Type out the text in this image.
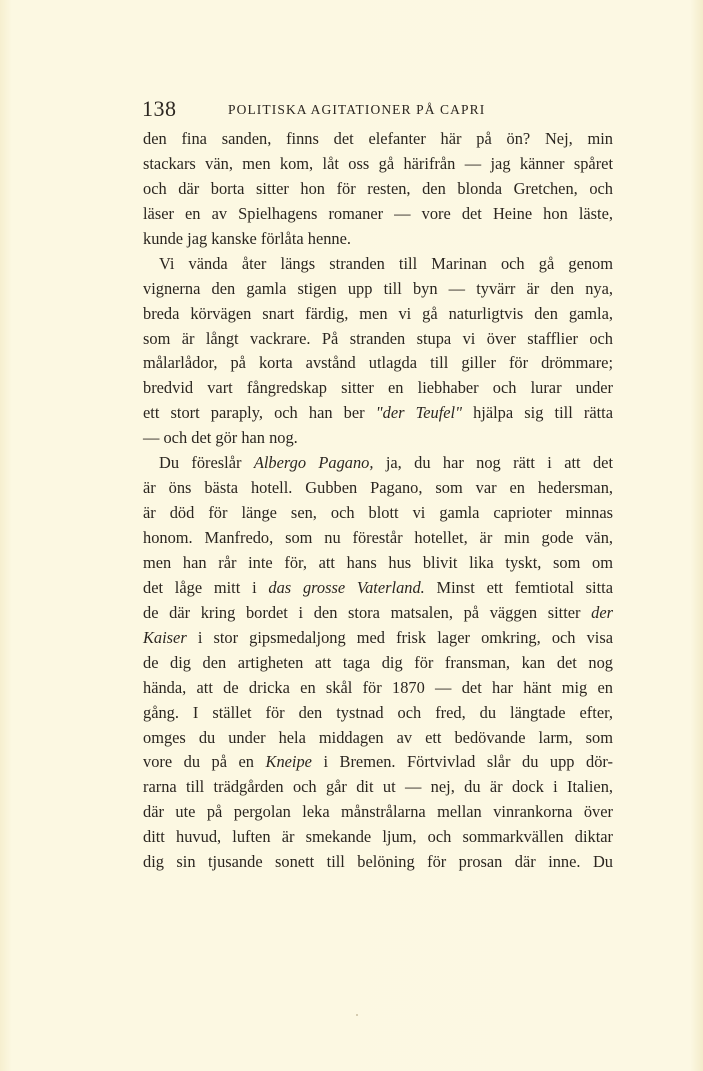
138	POLITISKA AGITATIONER PÅ CAPRI
den fina sanden, finns det elefanter här på ön? Nej, min
stackars vän, men kom, låt oss gå härifrån — jag känner spåret
och där borta sitter hon för resten, den blonda Gretchen, och
läser en av Spielhagens romaner — vore det Heine hon läste,
kunde jag kanske förlåta henne.
Vi vända åter längs stranden till Marinan och gå genom
vignerna den gamla stigen upp till byn — tyvärr är den nya,
breda körvägen snart färdig, men vi gå naturligtvis den gamla,
som är långt vackrare. På stranden stupa vi över stafflier och
målarlådor, på korta avstånd utlagda till giller för drömmare;
bredvid vart fångredskap sitter en liebhaber och lurar under
ett stort paraply, och han ber "der Teufel" hjälpa sig till rätta
— och det gör han nog.
Du föreslår Albergo Pagano, ja, du har nog rätt i att det
är öns bästa hotell. Gubben Pagano, som var en hedersman,
är död för länge sen, och blott vi gamla caprioter minnas
honom. Manfredo, som nu förestår hotellet, är min gode vän,
men han rår inte för, att hans hus blivit lika tyskt, som om
det låge mitt i das grosse Vaterland. Minst ett femtiotal sitta
de där kring bordet i den stora matsalen, på väggen sitter der
Kaiser i stor gipsmedaljong med frisk lager omkring, och visa
de dig den artigheten att taga dig för fransman, kan det nog
hända, att de dricka en skål för 1870 — det har hänt mig en
gång. I stället för den tystnad och fred, du längtade efter,
omges du under hela middagen av ett bedövande larm, som
vore du på en Kneipe i Bremen. Förtvivlad slår du upp dör-
rarna till trädgården och går dit ut — nej, du är dock i Italien,
där ute på pergolan leka månstrålarna mellan vinrankorna över
ditt huvud, luften är smekande ljum, och sommarkvällen diktar
dig sin tjusande sonett till belöning för prosan där inne. Du
